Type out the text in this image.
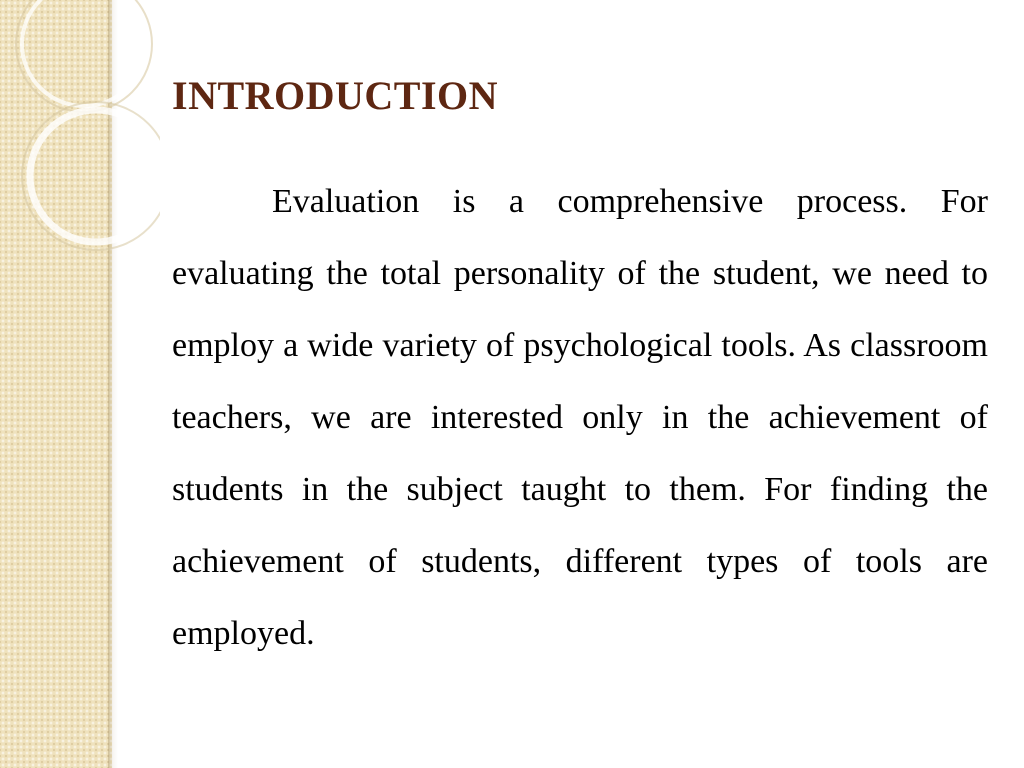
INTRODUCTION

Evaluation is a comprehensive process. For evaluating the total personality of the student, we need to employ a wide variety of psychological tools. As classroom teachers, we are interested only in the achievement of students in the subject taught to them. For finding the achievement of students, different types of tools are employed.
